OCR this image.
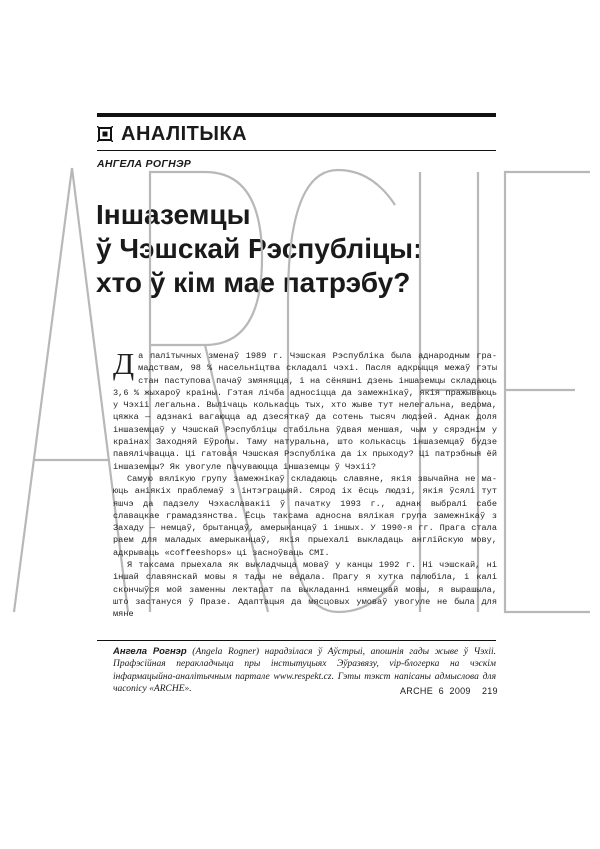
АНАЛІТЫКА
АНГЕЛА РОГНЭР
Іншаземцы
ў Чэшскай Рэспубліцы:
хто ў кім мае патрэбу?

Да палітычных зменаў 1989 г. Чэшская Рэспубліка была аднародным грамадствам, 98 % насельніцтва складалі чэхі. Пасля адкрыцця межаў гэты стан паступова пачаў змяняцца, і на сёняшні дзень іншаземцы складаюць 3,6 % жыхароў краіны. Гэтая лічба адносіцца да замежнікаў, якія пражываюць у Чэхіі легальна. Вылічаць колькасць тых, хто жыве тут нелегальна, ведома, цяжка — адзнакі вагаюцца ад дзесяткаў да сотень тысяч людзей. Аднак доля іншаземцаў у Чэшскай Рэспубліцы стабільна ўдвая меншая, чым у сярэднім у краінах Заходняй Еўропы. Таму натуральна, што колькасць іншаземцаў будзе павялічвацца. Ці гатовая Чэшская Рэспубліка да іх прыходу? Ці патрэбныя ёй іншаземцы? Як увогуле пачуваюцца іншаземцы ў Чэхіі?

Самую вялікую групу замежнікаў складаюць славяне, якія звычайна не маюць аніякіх праблемаў з інтэграцыяй. Сярод іх ёсць людзі, якія ўсялі тут яшчэ да падзелу Чэхаславакіі ў пачатку 1993 г., аднак выбралі сабе славацкае грамадзянства. Ёсць таксама адносна вялікая група замежнікаў з Захаду — немцаў, брытанцаў, амерыканцаў і іншых. У 1990-я гг. Прага стала раем для маладых амерыканцаў, якія прыехалі выкладаць англійскую мову, адкрываць «coffeeshops» ці заснoўваць СМІ.

Я таксама прыехала як выкладчыца моваў у канцы 1992 г. Ні чэшскай, ні іншай славянскай мовы я тады не ведала. Прагу я хутка палюбіла, і калі скончыўся мой заменны лектарат па выкладанні нямецкай мовы, я вырашыла, што застануся ў Празе. Адаптацыя да мясцовых умоваў увогуле не была для мяне

Ангела Рогнэр (Angela Rogner) нарадзілася ў Аўстрыі, апошнія гады жыве ў Чэхіі. Прафэсійная перакладчыца пры інстытуцыях Эўразвязу, vip-блогерка на чэскім інфармацыйна-аналітычным партале www.respekt.cz. Гэты тэкст напісаны адмыслова для часопісу «ARCHE».	ARCHE  6  2009 219
